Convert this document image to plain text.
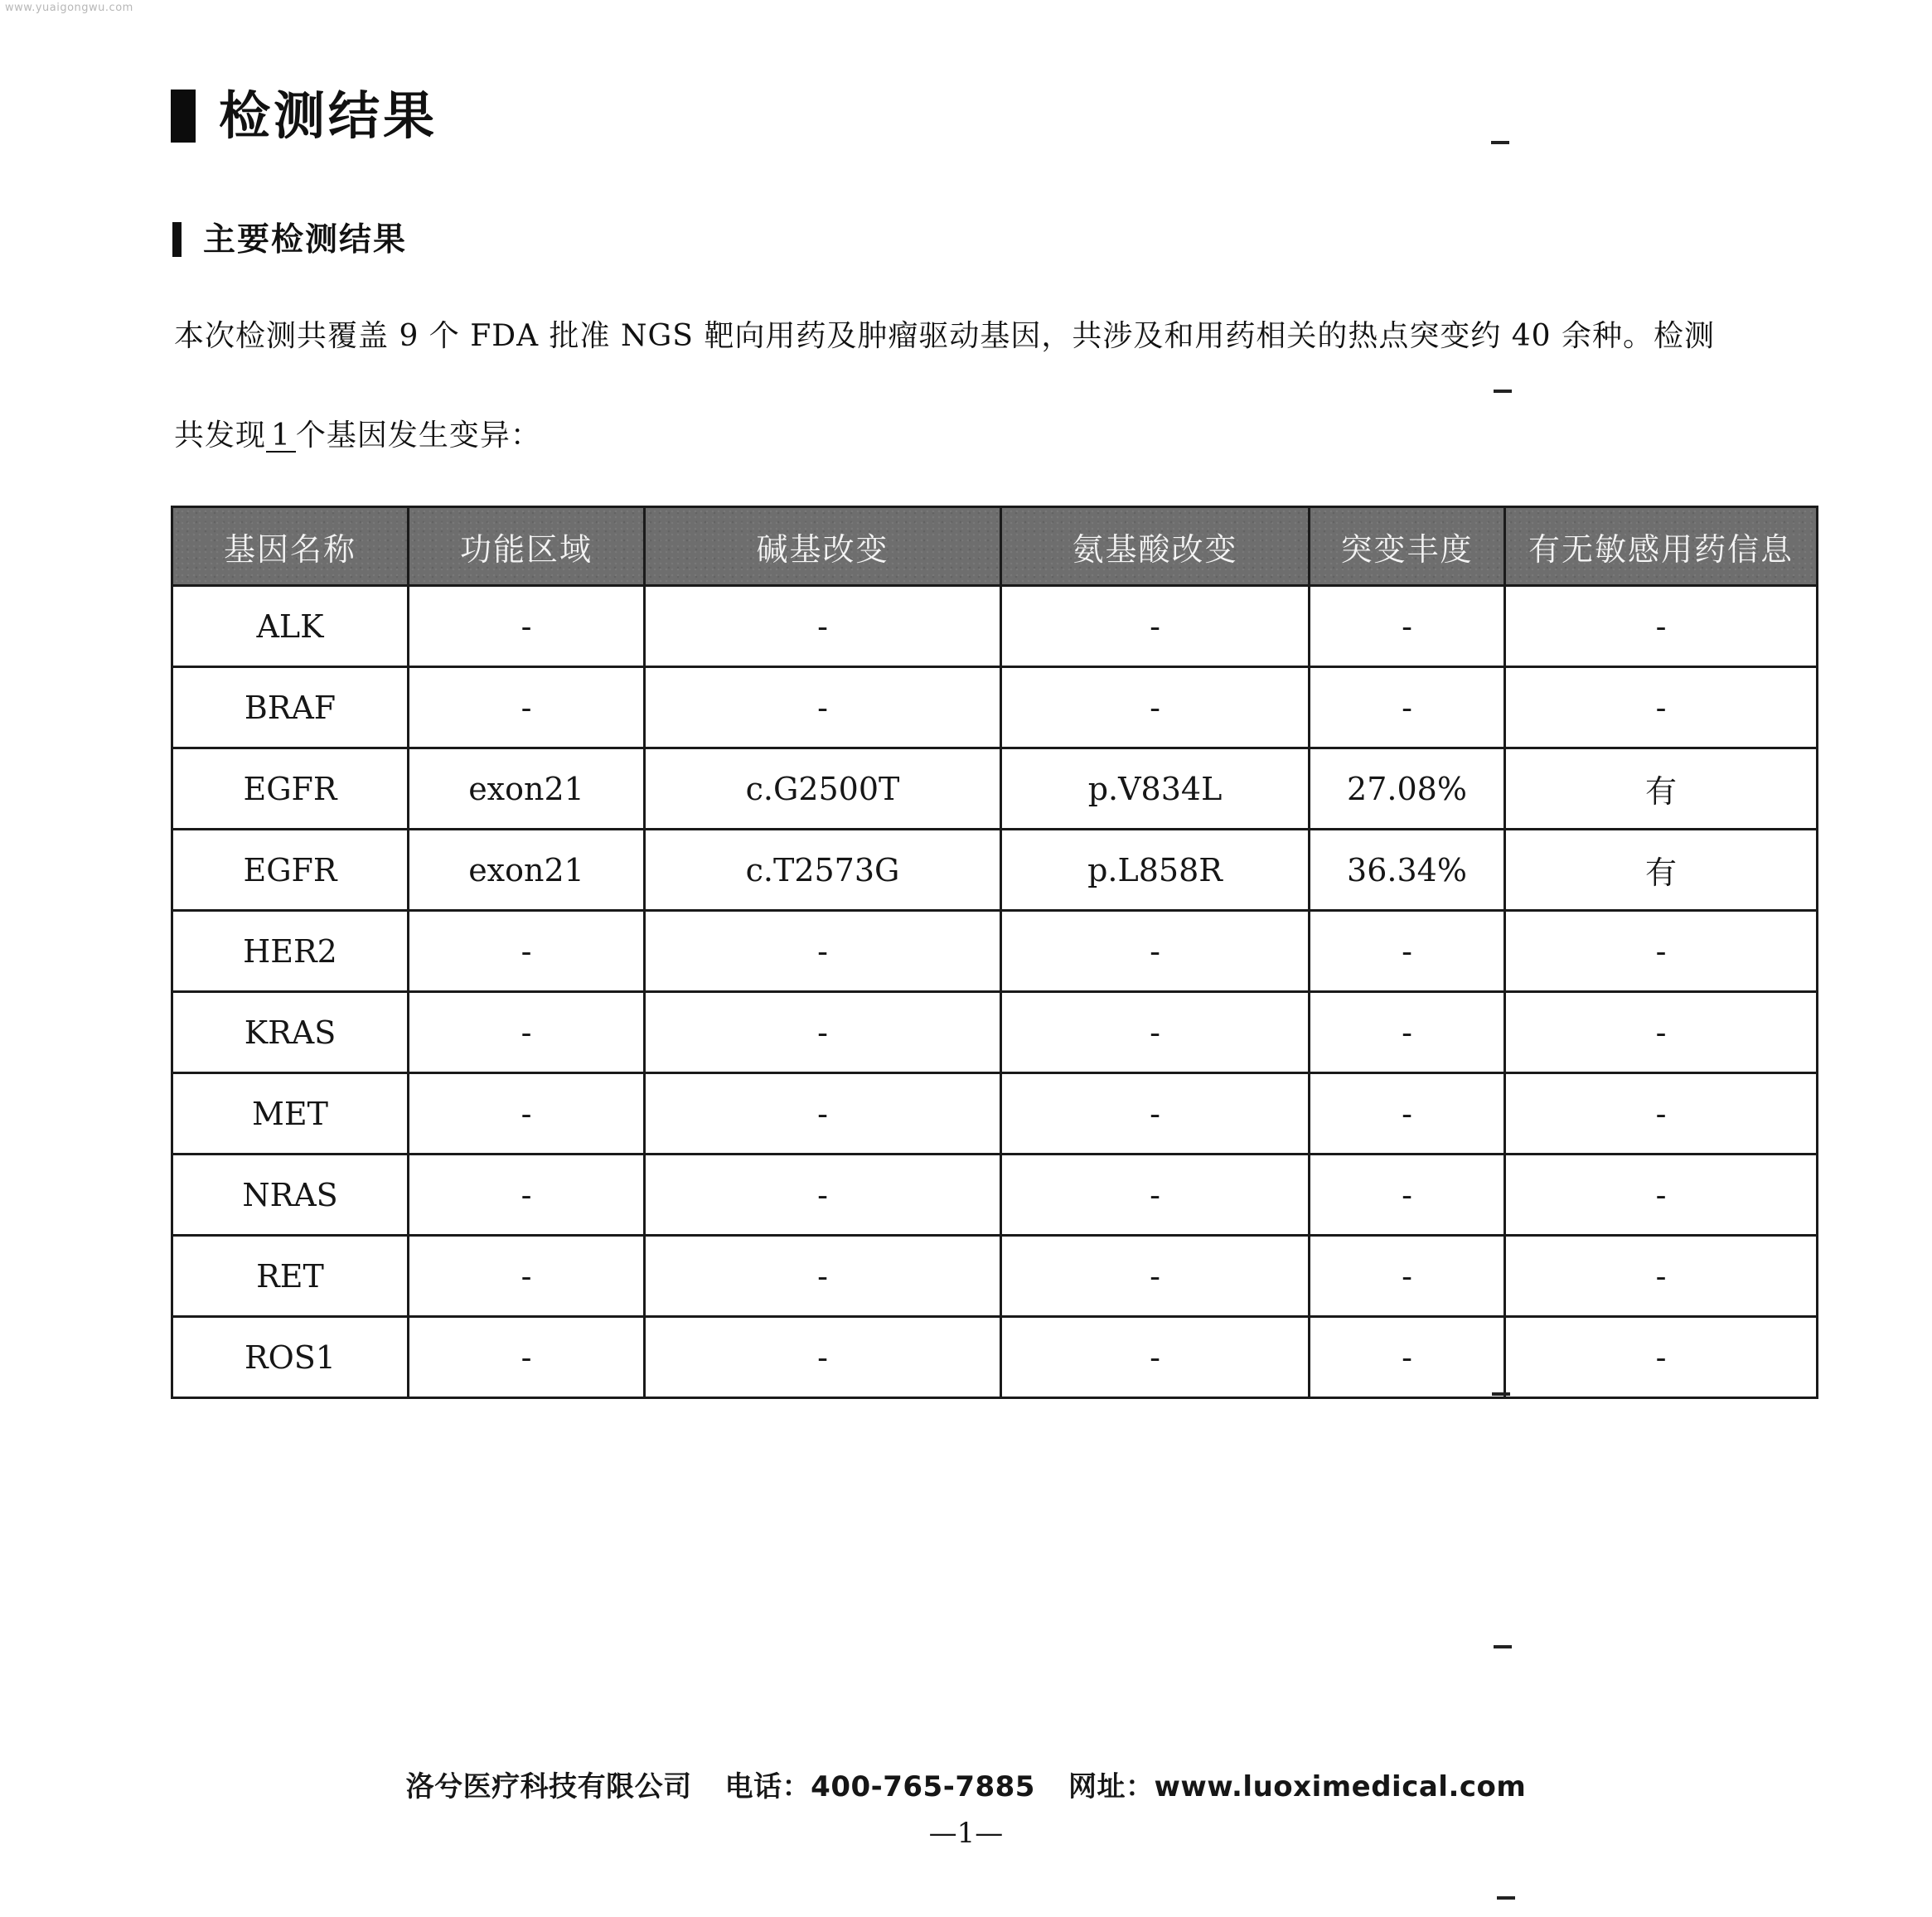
www.yuaigongwu.com
检测结果
主要检测结果
本次检测共覆盖 9 个 FDA 批准 NGS 靶向用药及肿瘤驱动基因，共涉及和用药相关的热点突变约 40 余种。检测
共发现 1 个基因发生变异：
基因名称	功能区域	碱基改变	氨基酸改变	突变丰度	有无敏感用药信息
ALK	-	-	-	-	-
BRAF	-	-	-	-	-
EGFR	exon21	c.G2500T	p.V834L	27.08%	有
EGFR	exon21	c.T2573G	p.L858R	36.34%	有
HER2	-	-	-	-	-
KRAS	-	-	-	-	-
MET	-	-	-	-	-
NRAS	-	-	-	-	-
RET	-	-	-	-	-
ROS1	-	-	-	-	-
洛兮医疗科技有限公司 电话：400-765-7885 网址：www.luoximedical.com
—1—
